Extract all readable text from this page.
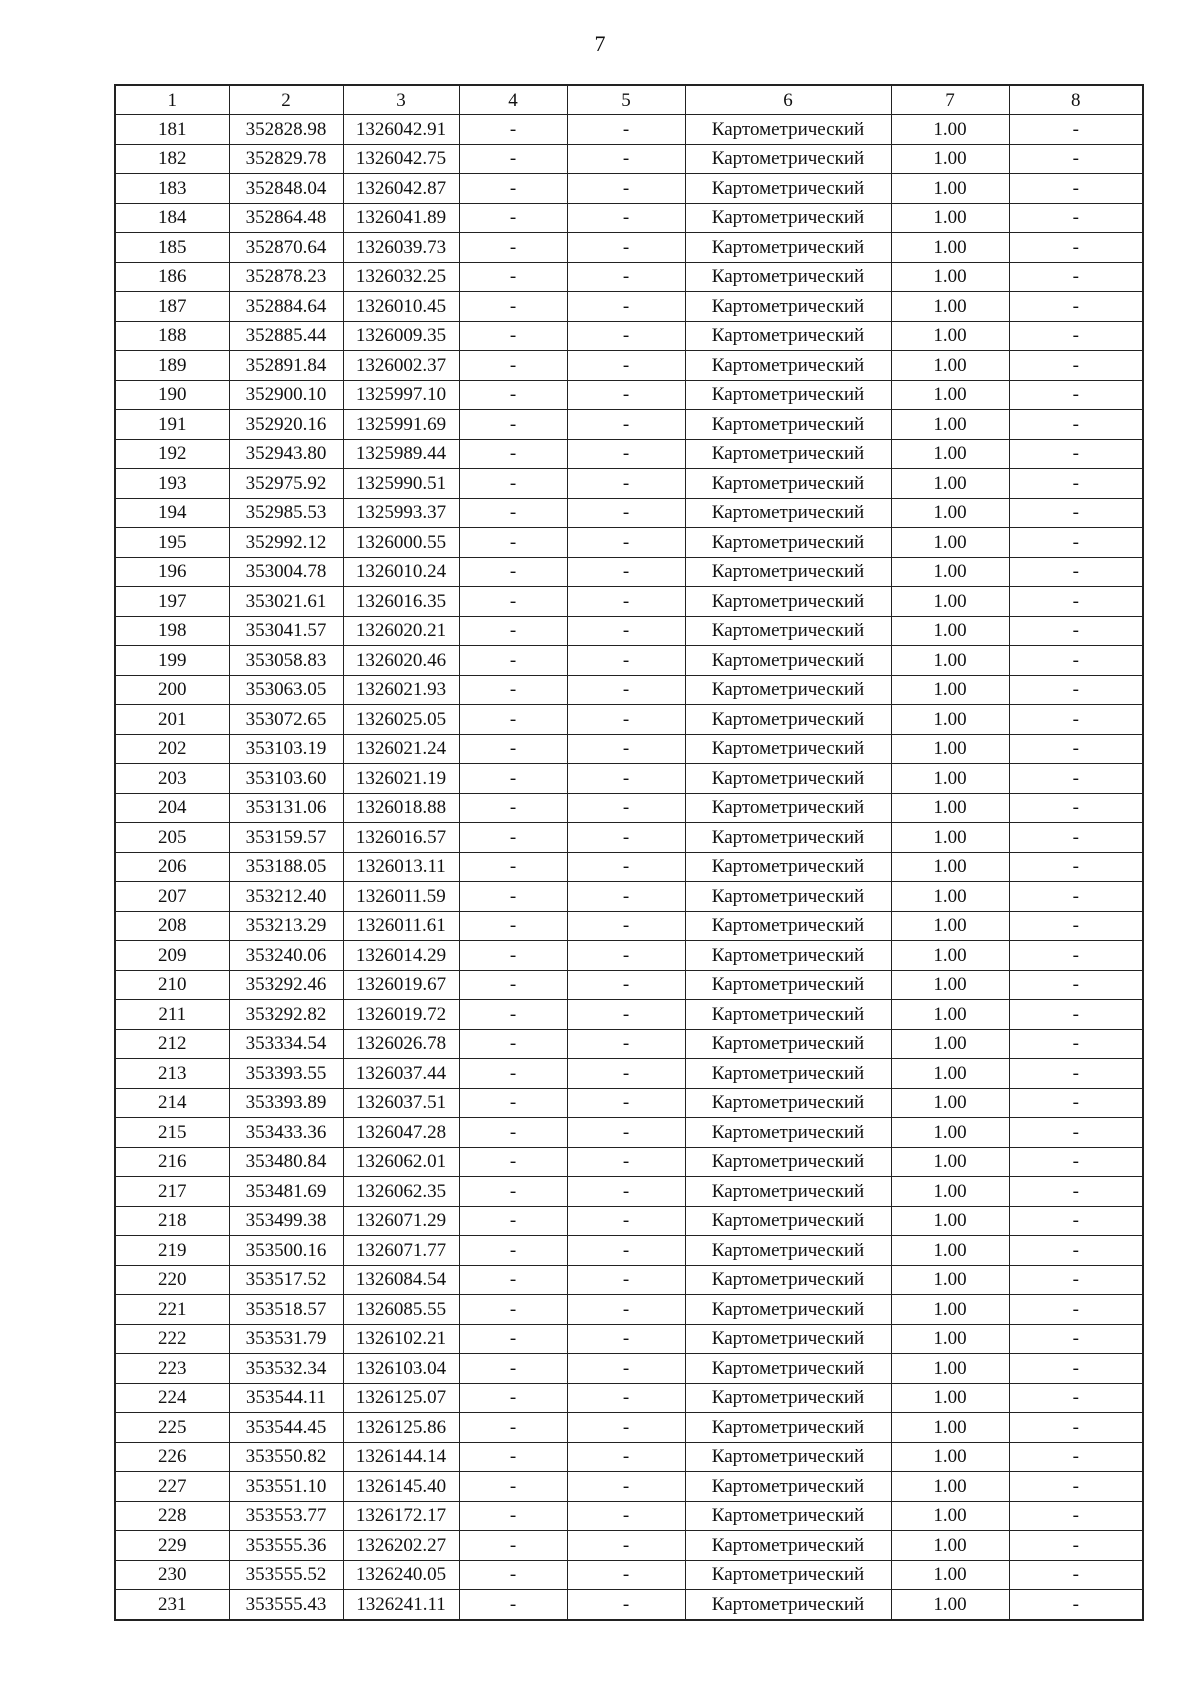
7
1	2	3	4	5	6	7	8
181	352828.98	1326042.91	-	-	Картометрический	1.00	-
182	352829.78	1326042.75	-	-	Картометрический	1.00	-
183	352848.04	1326042.87	-	-	Картометрический	1.00	-
184	352864.48	1326041.89	-	-	Картометрический	1.00	-
185	352870.64	1326039.73	-	-	Картометрический	1.00	-
186	352878.23	1326032.25	-	-	Картометрический	1.00	-
187	352884.64	1326010.45	-	-	Картометрический	1.00	-
188	352885.44	1326009.35	-	-	Картометрический	1.00	-
189	352891.84	1326002.37	-	-	Картометрический	1.00	-
190	352900.10	1325997.10	-	-	Картометрический	1.00	-
191	352920.16	1325991.69	-	-	Картометрический	1.00	-
192	352943.80	1325989.44	-	-	Картометрический	1.00	-
193	352975.92	1325990.51	-	-	Картометрический	1.00	-
194	352985.53	1325993.37	-	-	Картометрический	1.00	-
195	352992.12	1326000.55	-	-	Картометрический	1.00	-
196	353004.78	1326010.24	-	-	Картометрический	1.00	-
197	353021.61	1326016.35	-	-	Картометрический	1.00	-
198	353041.57	1326020.21	-	-	Картометрический	1.00	-
199	353058.83	1326020.46	-	-	Картометрический	1.00	-
200	353063.05	1326021.93	-	-	Картометрический	1.00	-
201	353072.65	1326025.05	-	-	Картометрический	1.00	-
202	353103.19	1326021.24	-	-	Картометрический	1.00	-
203	353103.60	1326021.19	-	-	Картометрический	1.00	-
204	353131.06	1326018.88	-	-	Картометрический	1.00	-
205	353159.57	1326016.57	-	-	Картометрический	1.00	-
206	353188.05	1326013.11	-	-	Картометрический	1.00	-
207	353212.40	1326011.59	-	-	Картометрический	1.00	-
208	353213.29	1326011.61	-	-	Картометрический	1.00	-
209	353240.06	1326014.29	-	-	Картометрический	1.00	-
210	353292.46	1326019.67	-	-	Картометрический	1.00	-
211	353292.82	1326019.72	-	-	Картометрический	1.00	-
212	353334.54	1326026.78	-	-	Картометрический	1.00	-
213	353393.55	1326037.44	-	-	Картометрический	1.00	-
214	353393.89	1326037.51	-	-	Картометрический	1.00	-
215	353433.36	1326047.28	-	-	Картометрический	1.00	-
216	353480.84	1326062.01	-	-	Картометрический	1.00	-
217	353481.69	1326062.35	-	-	Картометрический	1.00	-
218	353499.38	1326071.29	-	-	Картометрический	1.00	-
219	353500.16	1326071.77	-	-	Картометрический	1.00	-
220	353517.52	1326084.54	-	-	Картометрический	1.00	-
221	353518.57	1326085.55	-	-	Картометрический	1.00	-
222	353531.79	1326102.21	-	-	Картометрический	1.00	-
223	353532.34	1326103.04	-	-	Картометрический	1.00	-
224	353544.11	1326125.07	-	-	Картометрический	1.00	-
225	353544.45	1326125.86	-	-	Картометрический	1.00	-
226	353550.82	1326144.14	-	-	Картометрический	1.00	-
227	353551.10	1326145.40	-	-	Картометрический	1.00	-
228	353553.77	1326172.17	-	-	Картометрический	1.00	-
229	353555.36	1326202.27	-	-	Картометрический	1.00	-
230	353555.52	1326240.05	-	-	Картометрический	1.00	-
231	353555.43	1326241.11	-	-	Картометрический	1.00	-
